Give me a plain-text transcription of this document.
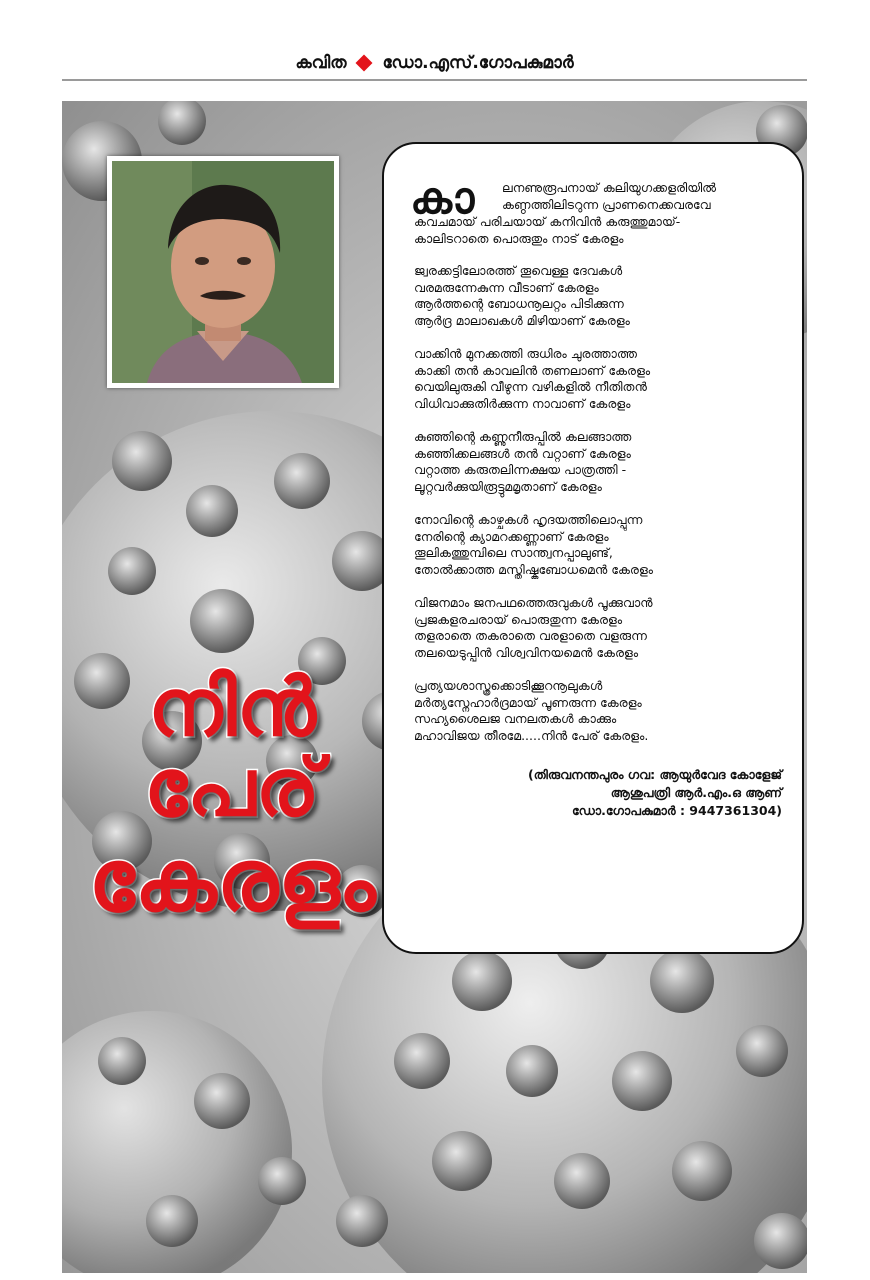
കവിത ഡോ.എസ്.ഗോപകുമാർ
നിൻ
പേര്
കേരളം
കാ ലനണുരൂപനായ് കലിയുഗക്കളരിയിൽ
കണ്ഠത്തിലിടറുന്ന പ്രാണനെക്കവരവേ
കവചമായ് പരിചയായ് കനിവിൻ കരുത്തുമായ്-
കാലിടറാതെ പൊരുതും നാട് കേരളം
ജ്വരക്കട്ടിലോരത്ത് തൂവെള്ള ദേവകൾ
വരമരുന്നേകുന്ന വീടാണ് കേരളം
ആർത്തന്റെ ബോധനൂലറ്റം പിടിക്കുന്ന
ആർദ്ര മാലാഖകൾ മിഴിയാണ് കേരളം
വാക്കിൻ മുനക്കത്തി രുധിരം ചുരത്താത്ത
കാക്കി തൻ കാവലിൻ തണലാണ് കേരളം
വെയിലുരുകി വീഴുന്ന വഴികളിൽ നീതിതൻ
വിധിവാക്കുതിർക്കുന്ന നാവാണ് കേരളം
കുഞ്ഞിന്റെ കണ്ണുനീരുപ്പിൽ കലങ്ങാത്ത
കഞ്ഞിക്കലങ്ങൾ തൻ വറ്റാണ് കേരളം
വറ്റാത്ത കരുതലിന്നക്ഷയ പാത്രത്തി -
ലൂറ്റവർക്കുയിരൂട്ടുമമൃതാണ് കേരളം
നോവിന്റെ കാഴ്ചകൾ ഹൃദയത്തിലൊപ്പുന്ന
നേരിന്റെ ക്യാമറക്കണ്ണാണ് കേരളം
തൂലികത്തുമ്പിലെ സാന്ത്വനപ്പാലുണ്ട്,
തോൽക്കാത്ത മസ്തിഷ്കബോധമെൻ കേരളം
വിജനമാം ജനപഥത്തെരുവുകൾ പൂക്കുവാൻ
പ്രജകളരചരായ് പൊരുതുന്ന കേരളം
തളരാതെ തകരാതെ വരളാതെ വളരുന്ന
തലയെടുപ്പിൻ വിശ്വവിനയമെൻ കേരളം
പ്രത്യയശാസ്ത്രക്കൊടിക്കൂറനൂലുകൾ
മർത്യസ്നേഹാർദ്രമായ് പൂണരുന്ന കേരളം
സഹ്യശൈലജ വനലതകൾ കാക്കും
മഹാവിജയ തീരമേ.....നിൻ പേര് കേരളം.
(തിരുവനന്തപുരം ഗവ: ആയുർവേദ കോളേജ്
ആശുപത്രി ആർ.എം.ഒ ആണ്
ഡോ.ഗോപകുമാർ : 9447361304)
